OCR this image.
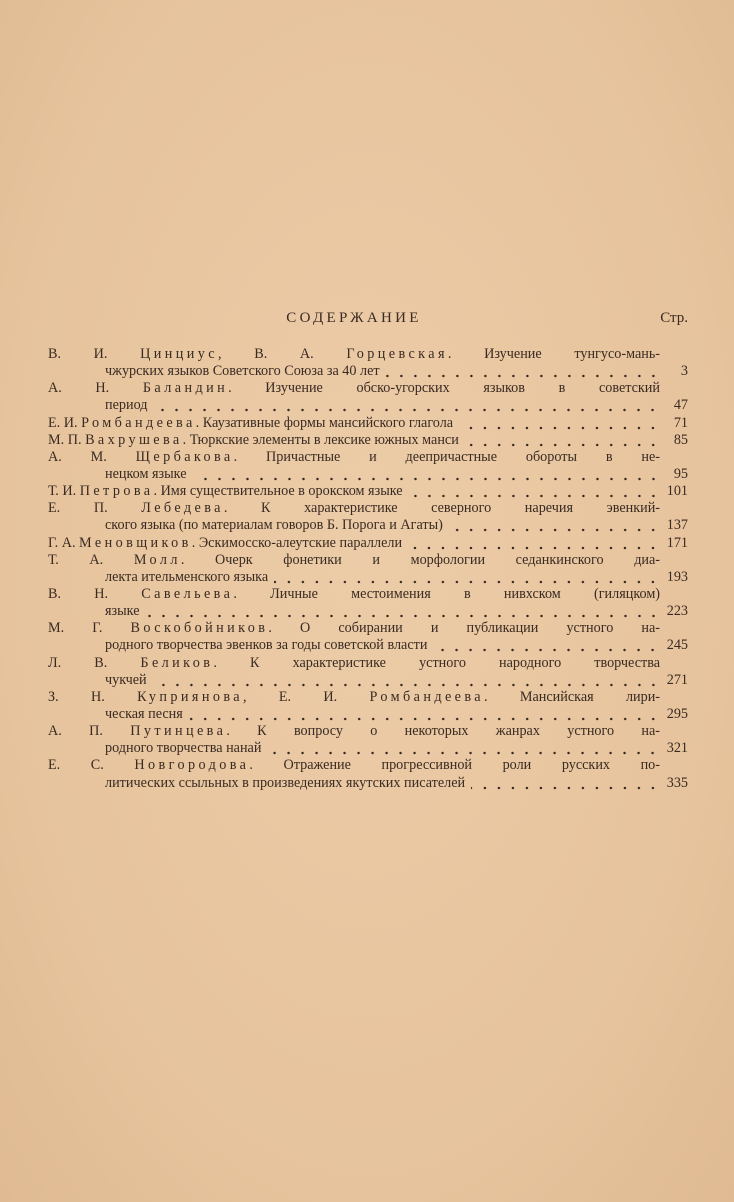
СОДЕРЖАНИЕ	Стр.
В. И. Цинциус, В. А. Горцевская. Изучение тунгусо-мань-
чжурских языков Советского Союза за 40 лет	3
А. Н. Баландин. Изучение обско-угорских языков в советский
период	47
Е. И. Ромбандеева. Каузативные формы мансийского глагола	71
М. П. Вахрушева. Тюркские элементы в лексике южных манси	85
А. М. Щербакова. Причастные и деепричастные обороты в не-
нецком языке	95
Т. И. Петрова. Имя существительное в орокском языке	101
Е. П. Лебедева. К характеристике северного наречия эвенкий-
ского языка (по материалам говоров Б. Порога и Агаты)	137
Г. А. Меновщиков. Эскимосско-алеутские параллели	171
Т. А. Молл. Очерк фонетики и морфологии седанкинского диа-
лекта ительменского языка	193
В. Н. Савельева. Личные местоимения в нивхском (гиляцком)
языке	223
М. Г. Воскобойников. О собирании и публикации устного на-
родного творчества эвенков за годы советской власти	245
Л. В. Беликов. К характеристике устного народного творчества
чукчей	271
З. Н. Куприянова, Е. И. Ромбандеева. Мансийская лири-
ческая песня	295
А. П. Путинцева. К вопросу о некоторых жанрах устного на-
родного творчества нанай	321
Е. С. Новгородова. Отражение прогрессивной роли русских по-
литических ссыльных в произведениях якутских писателей	335
